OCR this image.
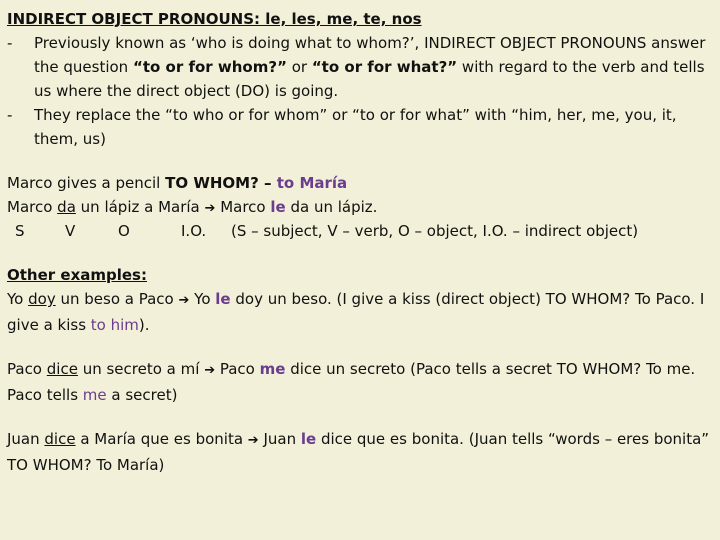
INDIRECT OBJECT PRONOUNS: le, les, me, te, nos
- Previously known as ‘who is doing what to whom?’, INDIRECT OBJECT PRONOUNS answer the question “to or for whom?” or “to or for what?” with regard to the verb and tells us where the direct object (DO) is going.
- They replace the “to who or for whom” or “to or for what” with “him, her, me, you, it, them, us)
Marco gives a pencil TO WHOM? – to María
Marco da un lápiz a María ➔ Marco le da un lápiz.
S	V	O	I.O. (S – subject, V – verb, O – object, I.O. – indirect object)
Other examples:
Yo doy un beso a Paco ➔ Yo le doy un beso. (I give a kiss (direct object) TO WHOM? To Paco. I give a kiss to him).
Paco dice un secreto a mí ➔ Paco me dice un secreto (Paco tells a secret TO WHOM? To me. Paco tells me a secret)
Juan dice a María que es bonita ➔ Juan le dice que es bonita. (Juan tells “words – eres bonita” TO WHOM? To María)
